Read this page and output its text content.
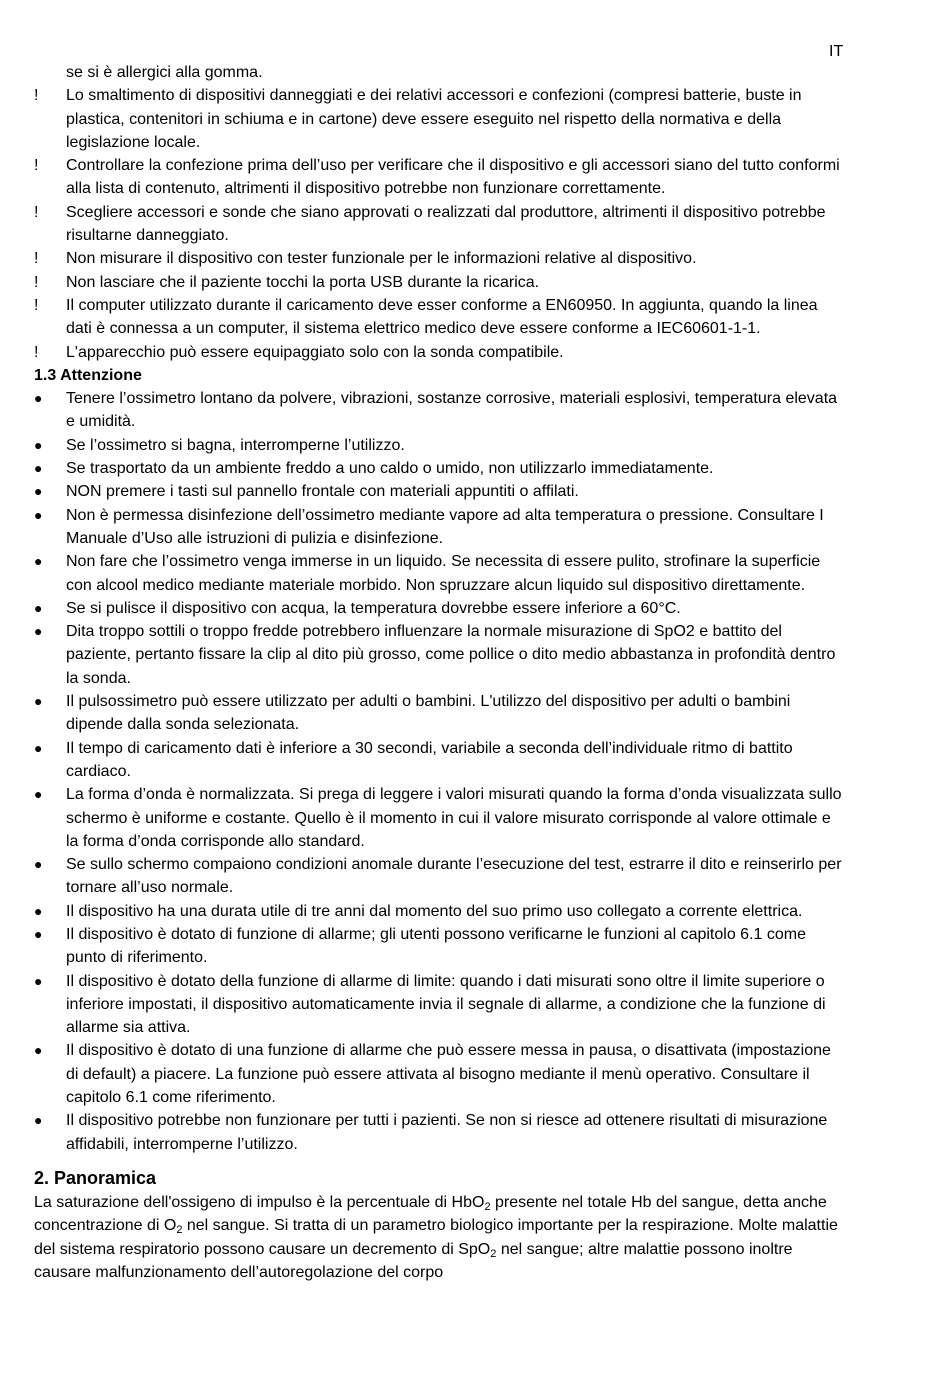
IT
se si è allergici alla gomma.
!	Lo smaltimento di dispositivi danneggiati e dei relativi accessori e confezioni (compresi batterie, buste in plastica, contenitori in schiuma e in cartone) deve essere eseguito nel rispetto della normativa e della legislazione locale.
!	Controllare la confezione prima dell’uso per verificare che il dispositivo e gli accessori siano del tutto conformi alla lista di contenuto, altrimenti il dispositivo potrebbe non funzionare correttamente.
!	Scegliere accessori e sonde che siano approvati o realizzati dal produttore, altrimenti il dispositivo potrebbe risultarne danneggiato.
!	Non misurare il dispositivo con tester funzionale per le informazioni relative al dispositivo.
!	Non lasciare che il paziente tocchi la porta USB durante la ricarica.
!	Il computer utilizzato durante il caricamento deve esser conforme a EN60950. In aggiunta, quando la linea dati è connessa a un computer, il sistema elettrico medico deve essere conforme a IEC60601-1-1.
!	L'apparecchio può essere equipaggiato solo con la sonda compatibile.
1.3 Attenzione
●	Tenere l’ossimetro lontano da polvere, vibrazioni, sostanze corrosive, materiali esplosivi, temperatura elevata e umidità.
●	Se l’ossimetro si bagna, interromperne l’utilizzo.
●	Se trasportato da un ambiente freddo a uno caldo o umido, non utilizzarlo immediatamente.
●	NON premere i tasti sul pannello frontale con materiali appuntiti o affilati.
●	Non è permessa disinfezione dell’ossimetro mediante vapore ad alta temperatura o pressione. Consultare I Manuale d’Uso alle istruzioni di pulizia e disinfezione.
●	Non fare che l’ossimetro venga immerse in un liquido. Se necessita di essere pulito, strofinare la superficie con alcool medico mediante materiale morbido. Non spruzzare alcun liquido sul dispositivo direttamente.
●	Se si pulisce il dispositivo con acqua, la temperatura dovrebbe essere inferiore a 60°C.
●	Dita troppo sottili o troppo fredde potrebbero influenzare la normale misurazione di SpO2 e battito del paziente, pertanto fissare la clip al dito più grosso, come pollice o dito medio abbastanza in profondità dentro la sonda.
●	Il pulsossimetro può essere utilizzato per adulti o bambini. L'utilizzo del dispositivo per adulti o bambini dipende dalla sonda selezionata.
●	Il tempo di caricamento dati è inferiore a 30 secondi, variabile a seconda dell’individuale ritmo di battito cardiaco.
●	La forma d’onda è normalizzata. Si prega di leggere i valori misurati quando la forma d’onda visualizzata sullo schermo è uniforme e costante. Quello è il momento in cui il valore misurato corrisponde al valore ottimale e la forma d’onda corrisponde allo standard.
●	Se sullo schermo compaiono condizioni anomale durante l’esecuzione del test, estrarre il dito e reinserirlo per tornare all’uso normale.
●	Il dispositivo ha una durata utile di tre anni dal momento del suo primo uso collegato a corrente elettrica.
●	Il dispositivo è dotato di funzione di allarme; gli utenti possono verificarne le funzioni al capitolo 6.1 come punto di riferimento.
●	Il dispositivo è dotato della funzione di allarme di limite: quando i dati misurati sono oltre il limite superiore o inferiore impostati, il dispositivo automaticamente invia il segnale di allarme, a condizione che la funzione di allarme sia attiva.
●	Il dispositivo è dotato di una funzione di allarme che può essere messa in pausa, o disattivata (impostazione di default) a piacere. La funzione può essere attivata al bisogno mediante il menù operativo. Consultare il capitolo 6.1 come riferimento.
●	Il dispositivo potrebbe non funzionare per tutti i pazienti. Se non si riesce ad ottenere risultati di misurazione affidabili, interromperne l’utilizzo.
2. Panoramica
La saturazione dell'ossigeno di impulso è la percentuale di HbO$_2$ presente nel totale Hb del sangue, detta anche concentrazione di $O_2$ nel sangue. Si tratta di un parametro biologico importante per la respirazione. Molte malattie del sistema respiratorio possono causare un decremento di SpO$_2$ nel sangue; altre malattie possono inoltre causare malfunzionamento dell’autoregolazione del corpo
